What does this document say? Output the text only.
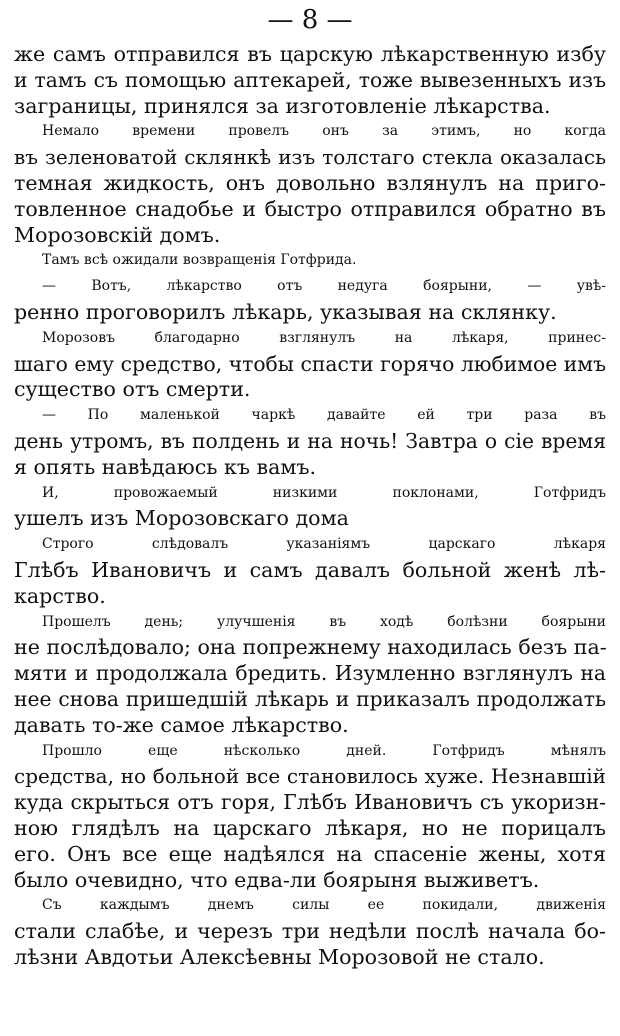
— 8 —

же самъ отправился въ царскую лѣкарственную избу
и тамъ съ помощью аптекарей, тоже вывезенныхъ изъ
заграницы, принялся за изготовленіе лѣкарства.

Немало времени провелъ онъ за этимъ, но когда
въ зеленоватой склянкѣ изъ толстаго стекла оказалась
темная жидкость, онъ довольно взлянулъ на приго-
товленное снадобье и быстро отправился обратно въ
Морозовскій домъ.

Тамъ всѣ ожидали возвращенія Готфрида.

— Вотъ, лѣкарство отъ недуга боярыни, — увѣ-
ренно проговорилъ лѣкарь, указывая на склянку.

Морозовъ благодарно взглянулъ на лѣкаря, принес-
шаго ему средство, чтобы спасти горячо любимое имъ
существо отъ смерти.

— По маленькой чаркѣ давайте ей три раза въ
день утромъ, въ полдень и на ночь! Завтра о сіе время
я опять навѣдаюсь къ вамъ.

И, провожаемый низкими поклонами, Готфридъ
ушелъ изъ Морозовскаго дома

Строго слѣдовалъ указаніямъ царскаго лѣкаря
Глѣбъ Ивановичъ и самъ давалъ больной женѣ лѣ-
карство.

Прошелъ день; улучшенія въ ходѣ болѣзни боярыни
не послѣдовало; она попрежнему находилась безъ па-
мяти и продолжала бредить. Изумленно взглянулъ на
нее снова пришедшій лѣкарь и приказалъ продолжать
давать то-же самое лѣкарство.

Прошло еще нѣсколько дней. Готфридъ мѣнялъ
средства, но больной все становилось хуже. Незнавшій
куда скрыться отъ горя, Глѣбъ Ивановичъ съ укоризн-
ною глядѣлъ на царскаго лѣкаря, но не порицалъ
его. Онъ все еще надѣялся на спасеніе жены, хотя
было очевидно, что едва-ли боярыня выживетъ.

Съ каждымъ днемъ силы ее покидали, движенія
стали слабѣе, и черезъ три недѣли послѣ начала бо-
лѣзни Авдотьи Алексѣевны Морозовой не стало.
